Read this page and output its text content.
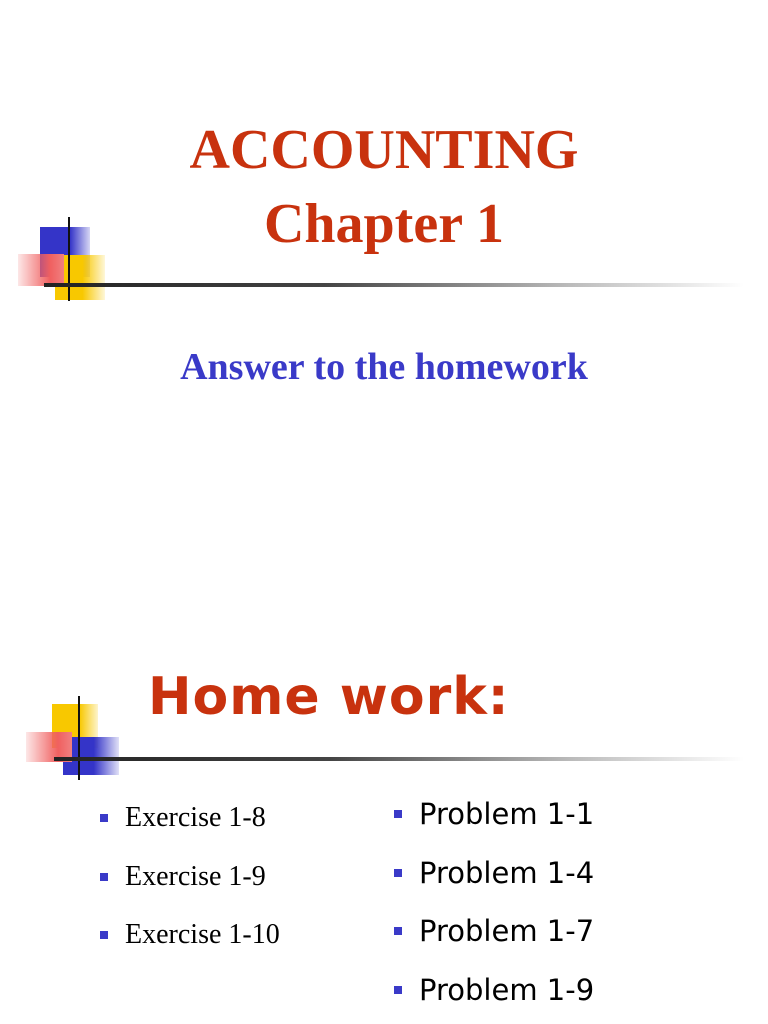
ACCOUNTING
Chapter 1
Answer to the homework
Home work:
Exercise 1-8
Exercise 1-9
Exercise 1-10
Problem 1-1
Problem 1-4
Problem 1-7
Problem 1-9
